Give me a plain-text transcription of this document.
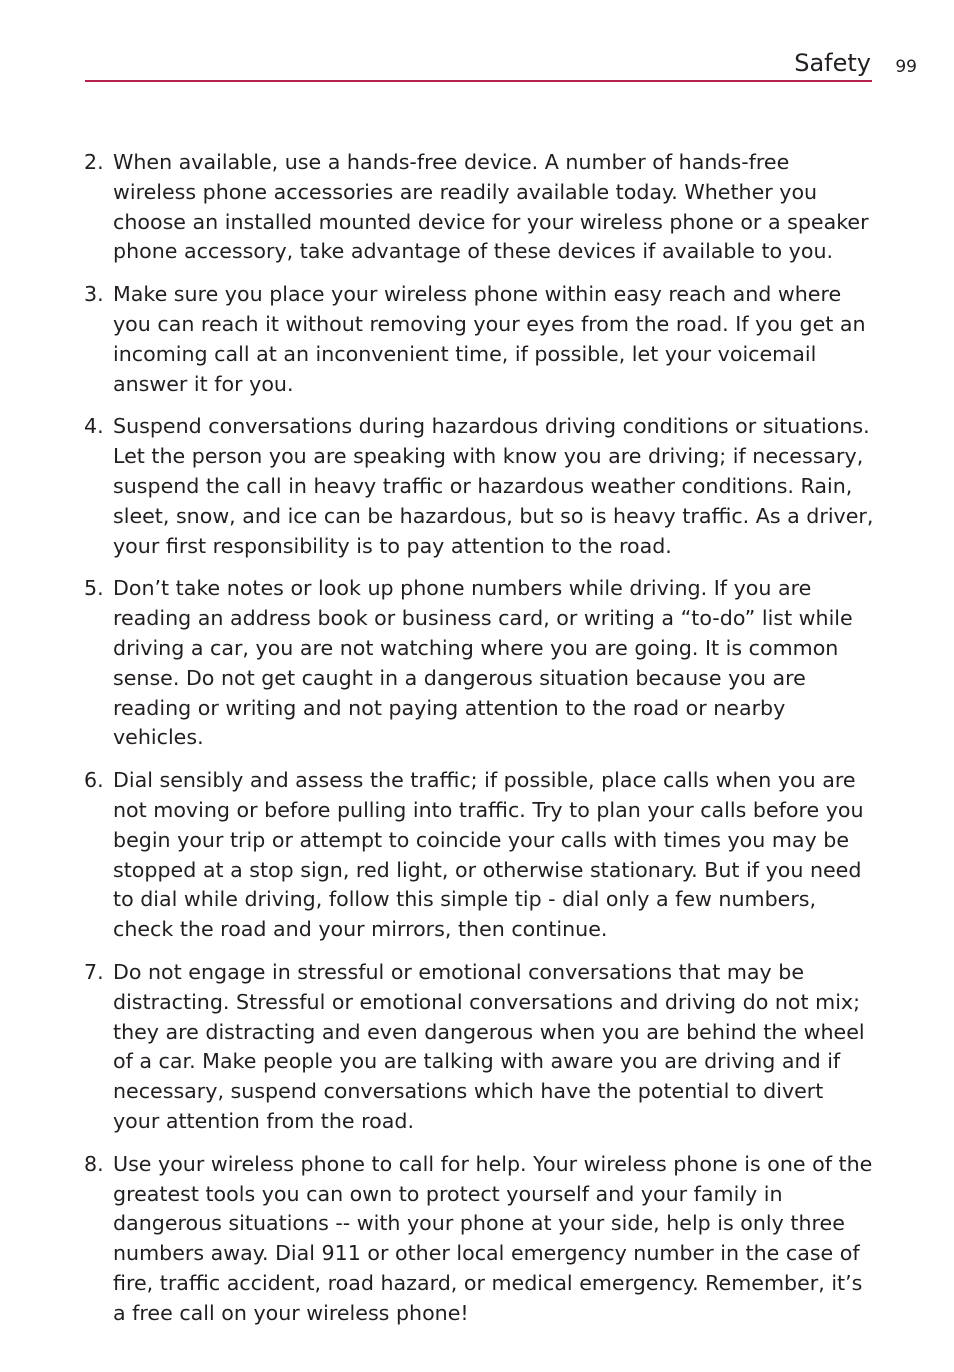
Safety 99
2. When available, use a hands-free device. A number of hands-free wireless phone accessories are readily available today. Whether you choose an installed mounted device for your wireless phone or a speaker phone accessory, take advantage of these devices if available to you.
3. Make sure you place your wireless phone within easy reach and where you can reach it without removing your eyes from the road. If you get an incoming call at an inconvenient time, if possible, let your voicemail answer it for you.
4. Suspend conversations during hazardous driving conditions or situations. Let the person you are speaking with know you are driving; if necessary, suspend the call in heavy traffic or hazardous weather conditions. Rain, sleet, snow, and ice can be hazardous, but so is heavy traffic. As a driver, your first responsibility is to pay attention to the road.
5. Don’t take notes or look up phone numbers while driving. If you are reading an address book or business card, or writing a “to-do” list while driving a car, you are not watching where you are going. It is common sense. Do not get caught in a dangerous situation because you are reading or writing and not paying attention to the road or nearby vehicles.
6. Dial sensibly and assess the traffic; if possible, place calls when you are not moving or before pulling into traffic. Try to plan your calls before you begin your trip or attempt to coincide your calls with times you may be stopped at a stop sign, red light, or otherwise stationary. But if you need to dial while driving, follow this simple tip - dial only a few numbers, check the road and your mirrors, then continue.
7. Do not engage in stressful or emotional conversations that may be distracting. Stressful or emotional conversations and driving do not mix; they are distracting and even dangerous when you are behind the wheel of a car. Make people you are talking with aware you are driving and if necessary, suspend conversations which have the potential to divert your attention from the road.
8. Use your wireless phone to call for help. Your wireless phone is one of the greatest tools you can own to protect yourself and your family in dangerous situations -- with your phone at your side, help is only three numbers away. Dial 911 or other local emergency number in the case of fire, traffic accident, road hazard, or medical emergency. Remember, it’s a free call on your wireless phone!
